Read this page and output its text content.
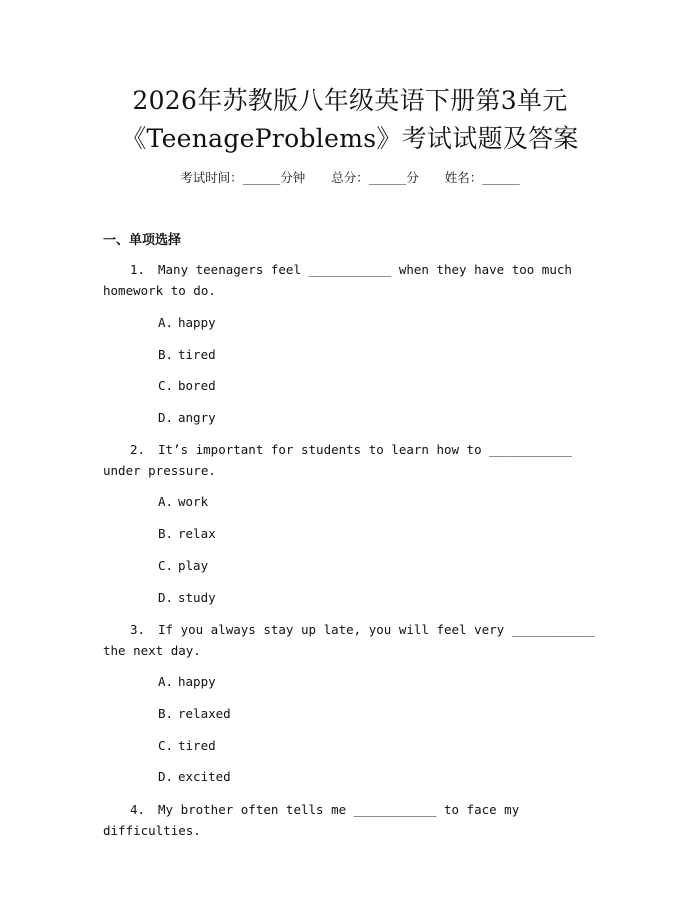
2026年苏教版八年级英语下册第3单元
《TeenageProblems》考试试题及答案
考试时间：______分钟 总分：______分 姓名：______
一、单项选择
1. Many teenagers feel ___________ when they have too much homework to do.
A. happy
B. tired
C. bored
D. angry
2. It’s important for students to learn how to ___________ under pressure.
A. work
B. relax
C. play
D. study
3. If you always stay up late, you will feel very ___________ the next day.
A. happy
B. relaxed
C. tired
D. excited
4. My brother often tells me ___________ to face my difficulties.
